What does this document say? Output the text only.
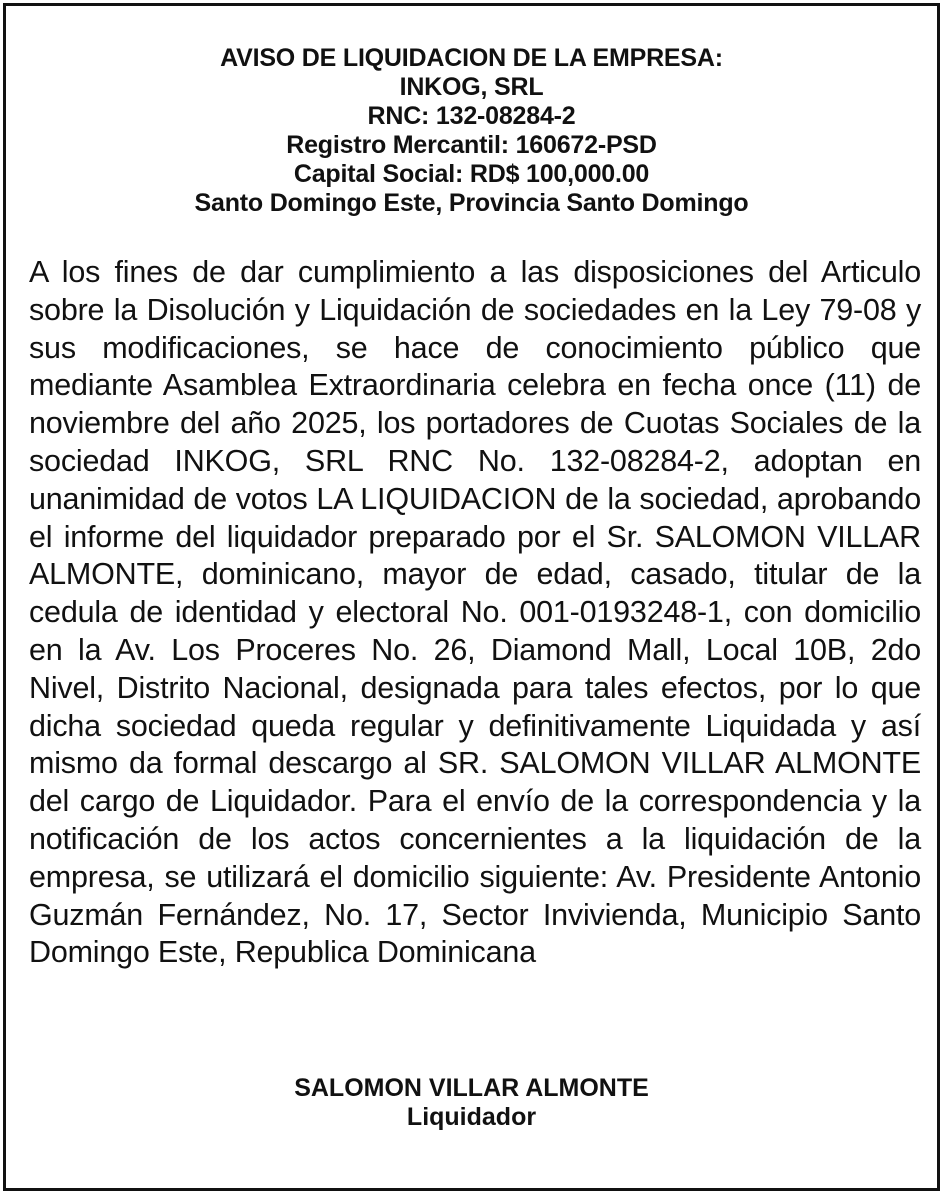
AVISO DE LIQUIDACION DE LA EMPRESA:
INKOG, SRL
RNC: 132-08284-2
Registro Mercantil: 160672-PSD
Capital Social: RD$ 100,000.00
Santo Domingo Este, Provincia Santo Domingo

A los fines de dar cumplimiento a las disposiciones del Articulo sobre la Disolución y Liquidación de sociedades en la Ley 79-08 y sus modificaciones, se hace de conocimiento público que mediante Asamblea Extraordinaria celebra en fecha once (11) de noviembre del año 2025, los portadores de Cuotas Sociales de la sociedad INKOG, SRL RNC No. 132-08284-2, adoptan en unanimidad de votos LA LIQUIDACION de la sociedad, aprobando el informe del liquidador preparado por el Sr. SALOMON VILLAR ALMONTE, dominicano, mayor de edad, casado, titular de la cedula de identidad y electoral No. 001-0193248-1, con domicilio en la Av. Los Proceres No. 26, Diamond Mall, Local 10B, 2do Nivel, Distrito Nacional, designada para tales efectos, por lo que dicha sociedad queda regular y definitivamente Liquidada y así mismo da formal descargo al SR. SALOMON VILLAR ALMONTE del cargo de Liquidador. Para el envío de la correspondencia y la notificación de los actos concernientes a la liquidación de la empresa, se utilizará el domicilio siguiente: Av. Presidente Antonio Guzmán Fernández, No. 17, Sector Invivienda, Municipio Santo Domingo Este, Republica Dominicana

SALOMON VILLAR ALMONTE
Liquidador
